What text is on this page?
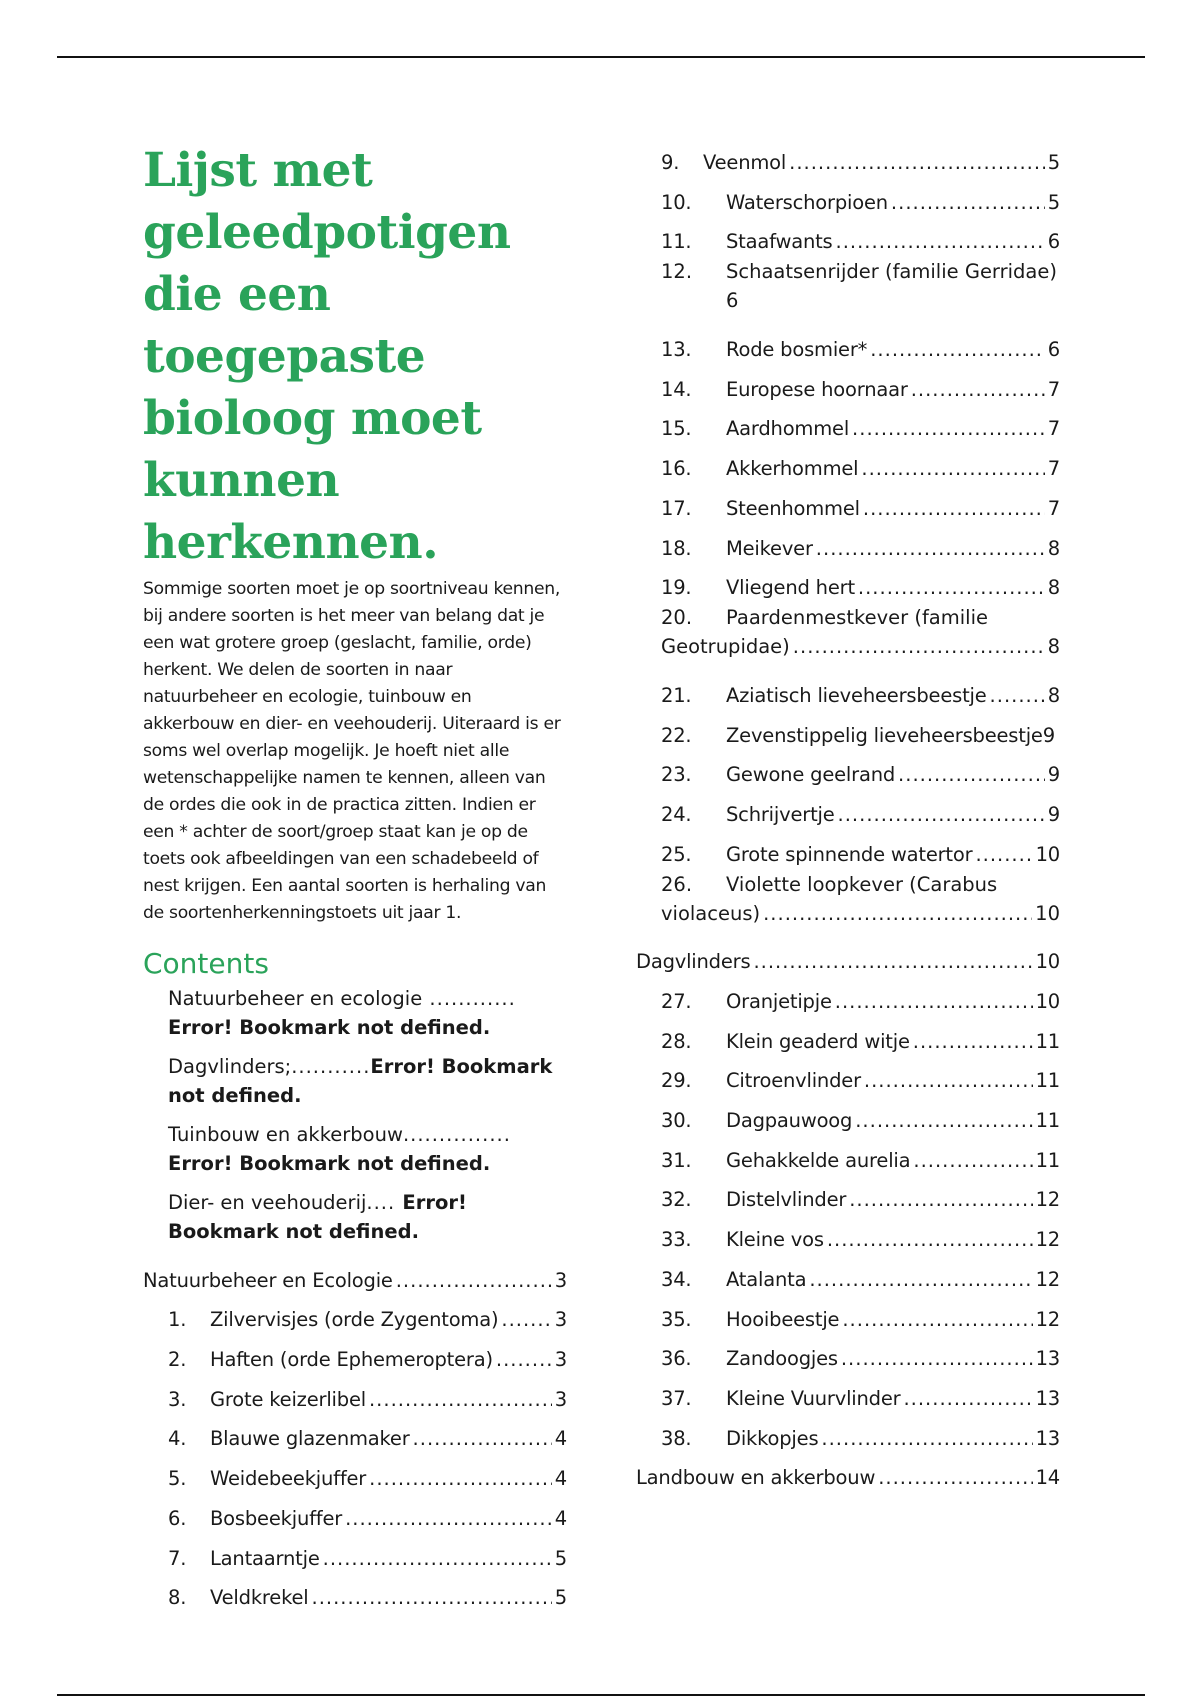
Lijst met geleedpotigen die een toegepaste bioloog moet kunnen herkennen.

Sommige soorten moet je op soortniveau kennen, bij andere soorten is het meer van belang dat je een wat grotere groep (geslacht, familie, orde) herkent. We delen de soorten in naar natuurbeheer en ecologie, tuinbouw en akkerbouw en dier- en veehouderij. Uiteraard is er soms wel overlap mogelijk. Je hoeft niet alle wetenschappelijke namen te kennen, alleen van de ordes die ook in de practica zitten. Indien er een * achter de soort/groep staat kan je op de toets ook afbeeldingen van een schadebeeld of nest krijgen. Een aantal soorten is herhaling van de soortenherkenningstoets uit jaar 1.

Contents
Natuurbeheer en ecologie ............ Error! Bookmark not defined.
Dagvlinders;...........Error! Bookmark not defined.
Tuinbouw en akkerbouw............... Error! Bookmark not defined.
Dier- en veehouderij.... Error! Bookmark not defined.
Natuurbeheer en Ecologie .....	3
1.	Zilvervisjes (orde Zygentoma) .....	3
2.	Haften (orde Ephemeroptera) .....	3
3.	Grote keizerlibel .....	3
4.	Blauwe glazenmaker .....	4
5.	Weidebeekjuffer .....	4
6.	Bosbeekjuffer .....	4
7.	Lantaarntje .....	5
8.	Veldkrekel .....	5
9.	Veenmol .....	5
10.	Waterschorpioen .....	5
11.	Staafwants .....	6
12.	Schaatsenrijder (familie Gerridae)
6
13.	Rode bosmier* .....	6
14.	Europese hoornaar .....	7
15.	Aardhommel .....	7
16.	Akkerhommel .....	7
17.	Steenhommel .....	7
18.	Meikever .....	8
19.	Vliegend hert .....	8
20.	Paardenmestkever (familie
Geotrupidae) .....	8
21.	Aziatisch lieveheersbeestje .....	8
22.	Zevenstippelig lieveheersbeestje 9
23.	Gewone geelrand .....	9
24.	Schrijvertje .....	9
25.	Grote spinnende watertor .....	10
26.	Violette loopkever (Carabus
violaceus) .....	10
Dagvlinders .....	10
27.	Oranjetipje .....	10
28.	Klein geaderd witje .....	11
29.	Citroenvlinder .....	11
30.	Dagpauwoog .....	11
31.	Gehakkelde aurelia .....	11
32.	Distelvlinder .....	12
33.	Kleine vos .....	12
34.	Atalanta .....	12
35.	Hooibeestje .....	12
36.	Zandoogjes .....	13
37.	Kleine Vuurvlinder .....	13
38.	Dikkopjes .....	13
Landbouw en akkerbouw .....	14
